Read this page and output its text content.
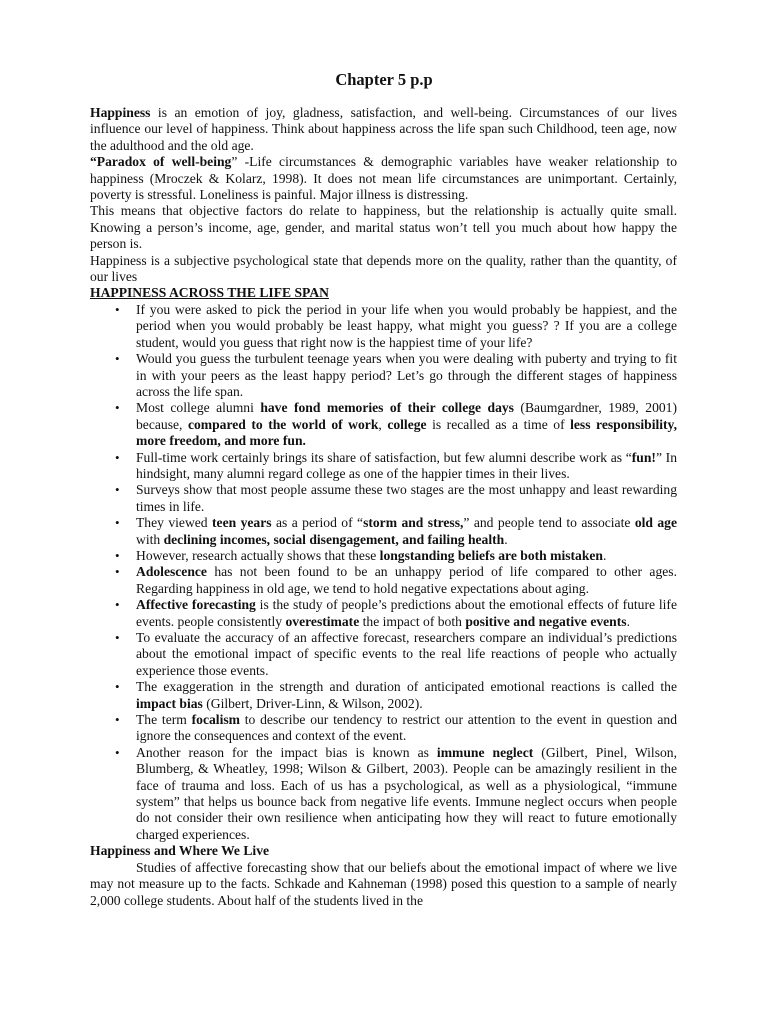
Chapter 5 p.p

Happiness is an emotion of joy, gladness, satisfaction, and well-being. Circumstances of our lives influence our level of happiness. Think about happiness across the life span such Childhood, teen age, now the adulthood and the old age.

“Paradox of well-being” -Life circumstances & demographic variables have weaker relationship to happiness (Mroczek & Kolarz, 1998). It does not mean life circumstances are unimportant. Certainly, poverty is stressful. Loneliness is painful. Major illness is distressing.

This means that objective factors do relate to happiness, but the relationship is actually quite small. Knowing a person’s income, age, gender, and marital status won’t tell you much about how happy the person is.

Happiness is a subjective psychological state that depends more on the quality, rather than the quantity, of our lives

HAPPINESS ACROSS THE LIFE SPAN

• If you were asked to pick the period in your life when you would probably be happiest, and the period when you would probably be least happy, what might you guess? ? If you are a college student, would you guess that right now is the happiest time of your life?
• Would you guess the turbulent teenage years when you were dealing with puberty and trying to fit in with your peers as the least happy period? Let’s go through the different stages of happiness across the life span.
• Most college alumni have fond memories of their college days (Baumgardner, 1989, 2001) because, compared to the world of work, college is recalled as a time of less responsibility, more freedom, and more fun.
• Full-time work certainly brings its share of satisfaction, but few alumni describe work as “fun!” In hindsight, many alumni regard college as one of the happier times in their lives.
• Surveys show that most people assume these two stages are the most unhappy and least rewarding times in life.
• They viewed teen years as a period of “storm and stress,” and people tend to associate old age with declining incomes, social disengagement, and failing health.
• However, research actually shows that these longstanding beliefs are both mistaken.
• Adolescence has not been found to be an unhappy period of life compared to other ages. Regarding happiness in old age, we tend to hold negative expectations about aging.
• Affective forecasting is the study of people’s predictions about the emotional effects of future life events. people consistently overestimate the impact of both positive and negative events.
• To evaluate the accuracy of an affective forecast, researchers compare an individual’s predictions about the emotional impact of specific events to the real life reactions of people who actually experience those events.
• The exaggeration in the strength and duration of anticipated emotional reactions is called the impact bias (Gilbert, Driver-Linn, & Wilson, 2002).
• The term focalism to describe our tendency to restrict our attention to the event in question and ignore the consequences and context of the event.
• Another reason for the impact bias is known as immune neglect (Gilbert, Pinel, Wilson, Blumberg, & Wheatley, 1998; Wilson & Gilbert, 2003). People can be amazingly resilient in the face of trauma and loss. Each of us has a psychological, as well as a physiological, “immune system” that helps us bounce back from negative life events. Immune neglect occurs when people do not consider their own resilience when anticipating how they will react to future emotionally charged experiences.

Happiness and Where We Live

Studies of affective forecasting show that our beliefs about the emotional impact of where we live may not measure up to the facts. Schkade and Kahneman (1998) posed this question to a sample of nearly 2,000 college students. About half of the students lived in the
